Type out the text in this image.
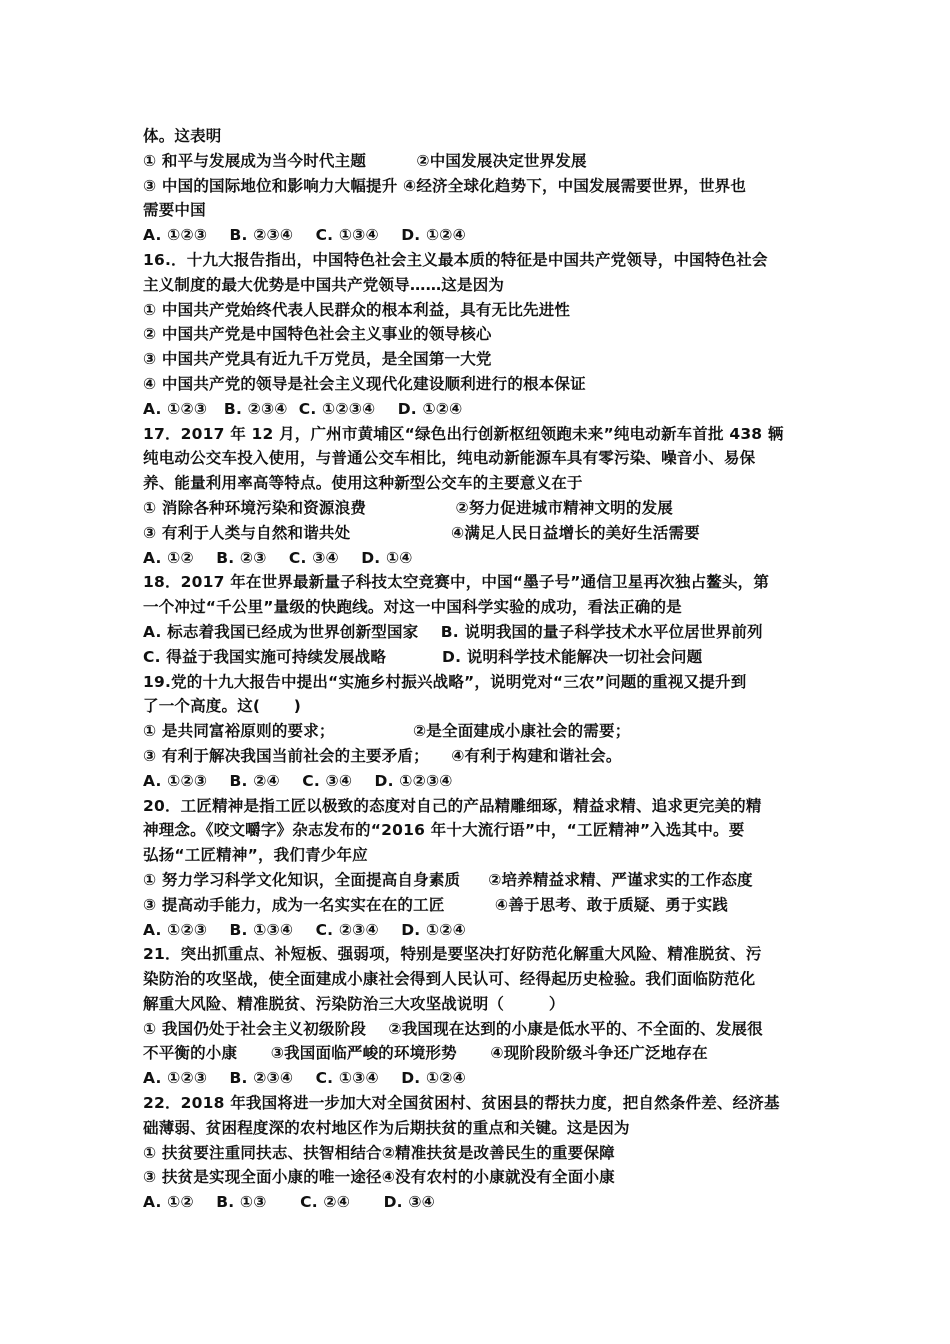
体。这表明
① 和平与发展成为当今时代主题         ②中国发展决定世界发展
③ 中国的国际地位和影响力大幅提升 ④经济全球化趋势下，中国发展需要世界，世界也
需要中国
A. ①②③    B. ②③④    C. ①③④    D. ①②④
16.．十九大报告指出，中国特色社会主义最本质的特征是中国共产党领导，中国特色社会
主义制度的最大优势是中国共产党领导……这是因为
① 中国共产党始终代表人民群众的根本利益，具有无比先进性
② 中国共产党是中国特色社会主义事业的领导核心
③ 中国共产党具有近九千万党员，是全国第一大党
④ 中国共产党的领导是社会主义现代化建设顺利进行的根本保证
A. ①②③   B. ②③④  C. ①②③④    D. ①②④
17．2017 年 12 月，广州市黄埔区“绿色出行创新枢纽领跑未来”纯电动新车首批 438 辆
纯电动公交车投入使用，与普通公交车相比，纯电动新能源车具有零污染、噪音小、易保
养、能量利用率高等特点。使用这种新型公交车的主要意义在于
① 消除各种环境污染和资源浪费                ②努力促进城市精神文明的发展
③ 有利于人类与自然和谐共处                  ④满足人民日益增长的美好生活需要
A. ①②    B. ②③    C. ③④    D. ①④
18．2017 年在世界最新量子科技太空竞赛中，中国“墨子号”通信卫星再次独占鳌头，第
一个冲过“千公里”量级的快跑线。对这一中国科学实验的成功，看法正确的是
A. 标志着我国已经成为世界创新型国家    B. 说明我国的量子科学技术水平位居世界前列
C. 得益于我国实施可持续发展战略          D. 说明科学技术能解决一切社会问题
19.党的十九大报告中提出“实施乡村振兴战略”，说明党对“三农”问题的重视又提升到
了一个高度。这(      )
① 是共同富裕原则的要求；              ②是全面建成小康社会的需要；
③ 有利于解决我国当前社会的主要矛盾；    ④有利于构建和谐社会。
A. ①②③    B. ②④    C. ③④    D. ①②③④
20．工匠精神是指工匠以极致的态度对自己的产品精雕细琢，精益求精、追求更完美的精
神理念。《咬文嚼字》杂志发布的“2016 年十大流行语”中，“工匠精神”入选其中。要
弘扬“工匠精神”，我们青少年应
① 努力学习科学文化知识，全面提高自身素质     ②培养精益求精、严谨求实的工作态度
③ 提高动手能力，成为一名实实在在的工匠         ④善于思考、敢于质疑、勇于实践
A. ①②③    B. ①③④    C. ②③④    D. ①②④
21．突出抓重点、补短板、强弱项，特别是要坚决打好防范化解重大风险、精准脱贫、污
染防治的攻坚战，使全面建成小康社会得到人民认可、经得起历史检验。我们面临防范化
解重大风险、精准脱贫、污染防治三大攻坚战说明（        ）
① 我国仍处于社会主义初级阶段    ②我国现在达到的小康是低水平的、不全面的、发展很
不平衡的小康      ③我国面临严峻的环境形势      ④现阶段阶级斗争还广泛地存在
A. ①②③    B. ②③④    C. ①③④    D. ①②④
22．2018 年我国将进一步加大对全国贫困村、贫困县的帮扶力度，把自然条件差、经济基
础薄弱、贫困程度深的农村地区作为后期扶贫的重点和关键。这是因为
① 扶贫要注重同扶志、扶智相结合②精准扶贫是改善民生的重要保障
③ 扶贫是实现全面小康的唯一途径④没有农村的小康就没有全面小康
A. ①②    B. ①③      C. ②④      D. ③④
